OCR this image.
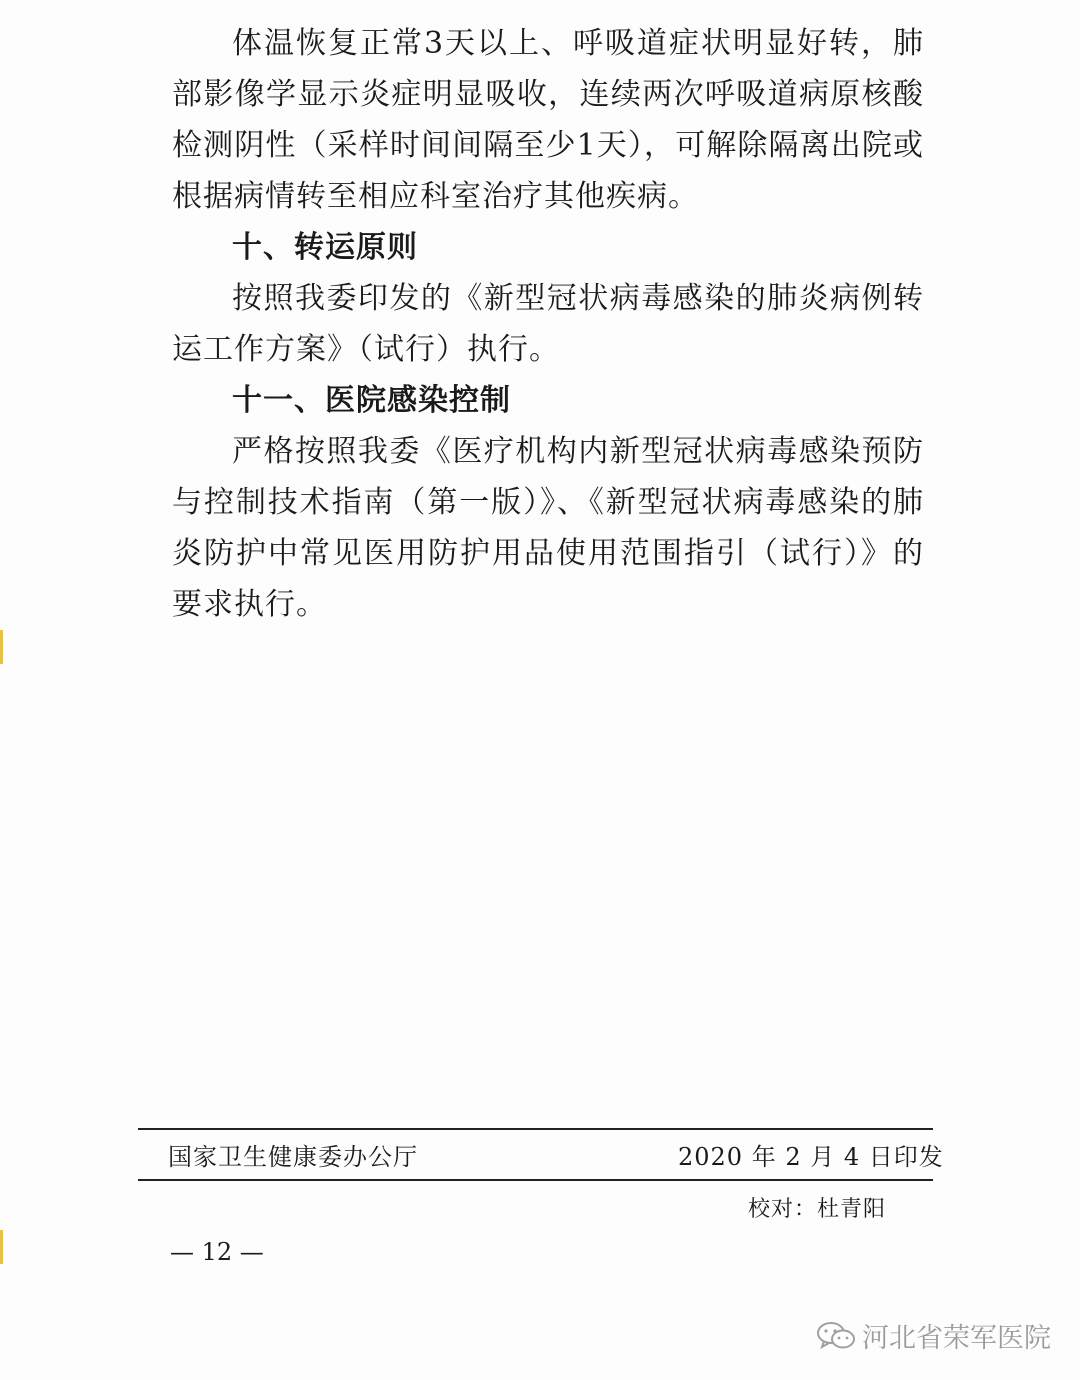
体温恢复正常3天以上、呼吸道症状明显好转，肺部影像学显示炎症明显吸收，连续两次呼吸道病原核酸检测阴性（采样时间间隔至少1天），可解除隔离出院或根据病情转至相应科室治疗其他疾病。

十、转运原则

按照我委印发的《新型冠状病毒感染的肺炎病例转运工作方案》（试行）执行。

十一、医院感染控制

严格按照我委《医疗机构内新型冠状病毒感染预防与控制技术指南（第一版）》、《新型冠状病毒感染的肺炎防护中常见医用防护用品使用范围指引（试行）》的要求执行。

国家卫生健康委办公厅	2020 年 2 月 4 日印发
校对：杜青阳
— 12 —
河北省荣军医院
